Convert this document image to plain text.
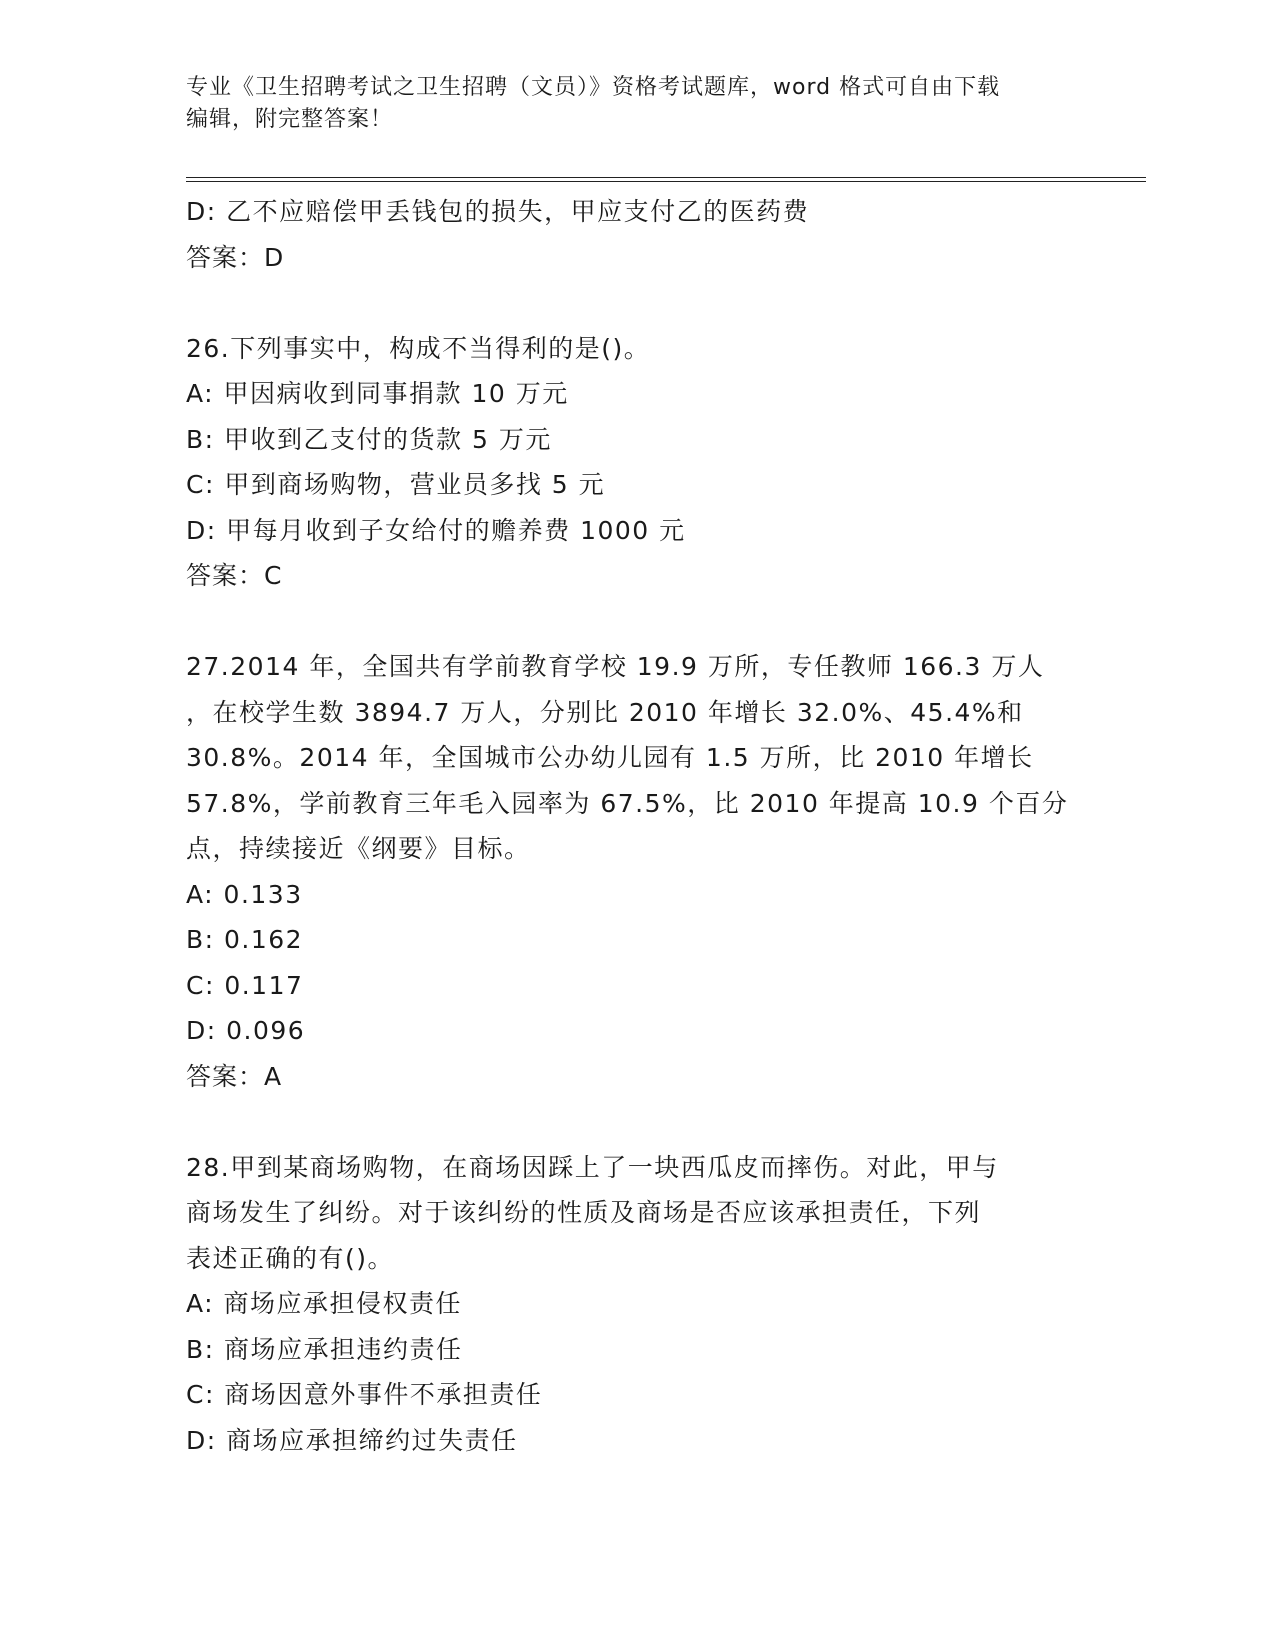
专业《卫生招聘考试之卫生招聘（文员）》资格考试题库，word 格式可自由下载
编辑，附完整答案！
D: 乙不应赔偿甲丢钱包的损失，甲应支付乙的医药费
答案：D
26.下列事实中，构成不当得利的是()。
A: 甲因病收到同事捐款 10 万元
B: 甲收到乙支付的货款 5 万元
C: 甲到商场购物，营业员多找 5 元
D: 甲每月收到子女给付的赡养费 1000 元
答案：C
27.2014 年，全国共有学前教育学校 19.9 万所，专任教师 166.3 万人
，在校学生数 3894.7 万人，分别比 2010 年增长 32.0%、45.4%和
30.8%。2014 年，全国城市公办幼儿园有 1.5 万所，比 2010 年增长
57.8%，学前教育三年毛入园率为 67.5%，比 2010 年提高 10.9 个百分
点，持续接近《纲要》目标。
A: 0.133
B: 0.162
C: 0.117
D: 0.096
答案：A
28.甲到某商场购物，在商场因踩上了一块西瓜皮而摔伤。对此，甲与
商场发生了纠纷。对于该纠纷的性质及商场是否应该承担责任，下列
表述正确的有()。
A: 商场应承担侵权责任
B: 商场应承担违约责任
C: 商场因意外事件不承担责任
D: 商场应承担缔约过失责任
